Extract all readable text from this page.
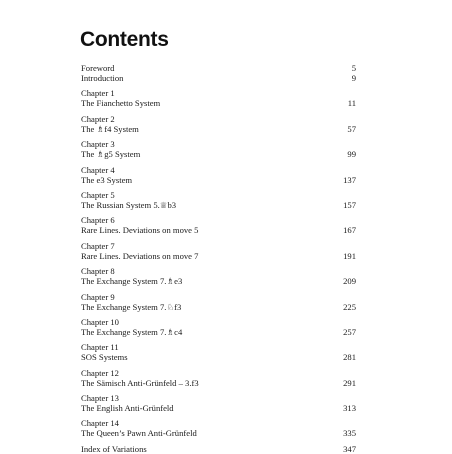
Contents
Foreword	5
Introduction	9
Chapter 1
The Fianchetto System	11
Chapter 2
The ♗f4 System	57
Chapter 3
The ♗g5 System	99
Chapter 4
The e3 System	137
Chapter 5
The Russian System 5.♕b3	157
Chapter 6
Rare Lines. Deviations on move 5	167
Chapter 7
Rare Lines. Deviations on move 7	191
Chapter 8
The Exchange System 7.♗e3	209
Chapter 9
The Exchange System 7.♘f3	225
Chapter 10
The Exchange System 7.♗c4	257
Chapter 11
SOS Systems	281
Chapter 12
The Sämisch Anti-Grünfeld – 3.f3	291
Chapter 13
The English Anti-Grünfeld	313
Chapter 14
The Queen’s Pawn Anti-Grünfeld	335
Index of Variations	347
